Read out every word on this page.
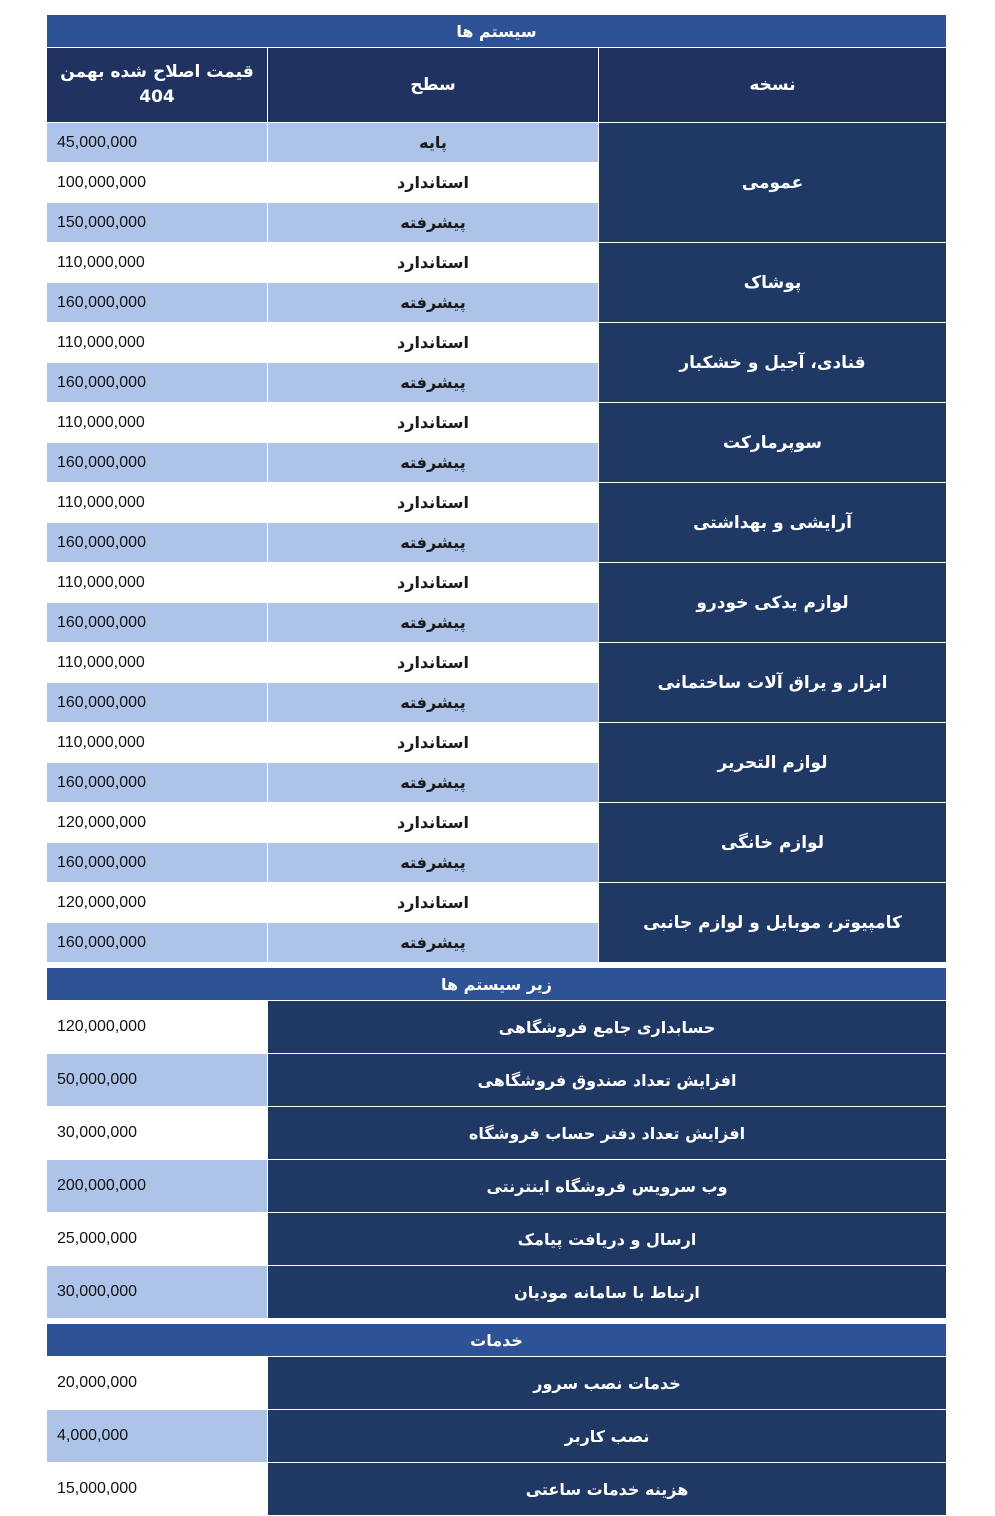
سیستم ها		
نسخه	سطح	قیمت اصلاح شده بهمن 404
عمومی	پایه	45,000,000
	استاندارد	100,000,000
	پیشرفته	150,000,000
پوشاک	استاندارد	110,000,000
	پیشرفته	160,000,000
قنادی، آجیل و خشکبار	استاندارد	110,000,000
	پیشرفته	160,000,000
سوپرمارکت	استاندارد	110,000,000
	پیشرفته	160,000,000
آرایشی و بهداشتی	استاندارد	110,000,000
	پیشرفته	160,000,000
لوازم یدکی خودرو	استاندارد	110,000,000
	پیشرفته	160,000,000
ابزار و یراق آلات ساختمانی	استاندارد	110,000,000
	پیشرفته	160,000,000
لوازم التحریر	استاندارد	110,000,000
	پیشرفته	160,000,000
لوازم خانگی	استاندارد	120,000,000
	پیشرفته	160,000,000
کامپیوتر، موبایل و لوازم جانبی	استاندارد	120,000,000
	پیشرفته	160,000,000

زیر سیستم ها		
حسابداری جامع فروشگاهی		120,000,000
افزایش تعداد صندوق فروشگاهی		50,000,000
افزایش تعداد دفتر حساب فروشگاه		30,000,000
وب سرویس فروشگاه اینترنتی		200,000,000
ارسال و دریافت پیامک		25,000,000
ارتباط با سامانه مودیان		30,000,000

خدمات		
خدمات نصب سرور		20,000,000
نصب کاربر		4,000,000
هزینه خدمات ساعتی		15,000,000
